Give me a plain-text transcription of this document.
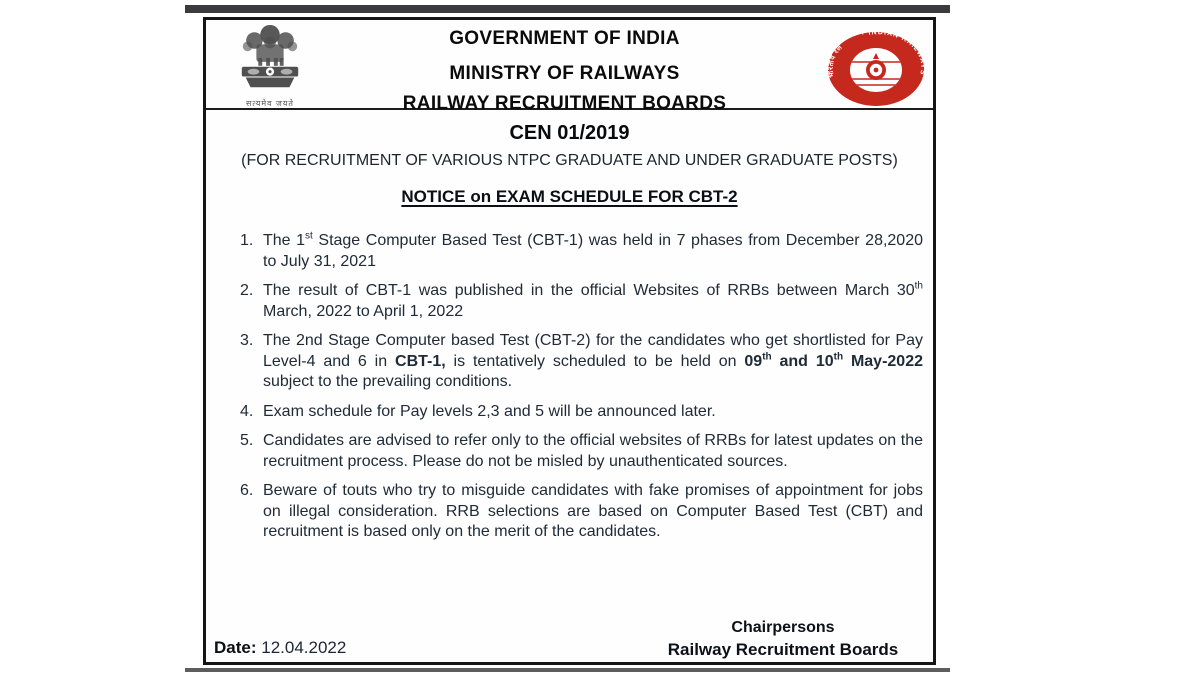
सत्यमेव जयते
GOVERNMENT OF INDIA
MINISTRY OF RAILWAYS
RAILWAY RECRUITMENT BOARDS
भारतीय रेल
· INDIAN RAILWAYS
CEN 01/2019
(FOR RECRUITMENT OF VARIOUS NTPC GRADUATE AND UNDER GRADUATE POSTS)
NOTICE on EXAM SCHEDULE FOR CBT-2
1. The 1st Stage Computer Based Test (CBT-1) was held in 7 phases from December 28,2020 to July 31, 2021
2. The result of CBT-1 was published in the official Websites of RRBs between March 30th March, 2022 to April 1, 2022
3. The 2nd Stage Computer based Test (CBT-2) for the candidates who get shortlisted for Pay Level-4 and 6 in CBT-1, is tentatively scheduled to be held on 09th and 10th May-2022 subject to the prevailing conditions.
4. Exam schedule for Pay levels 2,3 and 5 will be announced later.
5. Candidates are advised to refer only to the official websites of RRBs for latest updates on the recruitment process. Please do not be misled by unauthenticated sources.
6. Beware of touts who try to misguide candidates with fake promises of appointment for jobs on illegal consideration. RRB selections are based on Computer Based Test (CBT) and recruitment is based only on the merit of the candidates.
Date: 12.04.2022
Chairpersons
Railway Recruitment Boards
